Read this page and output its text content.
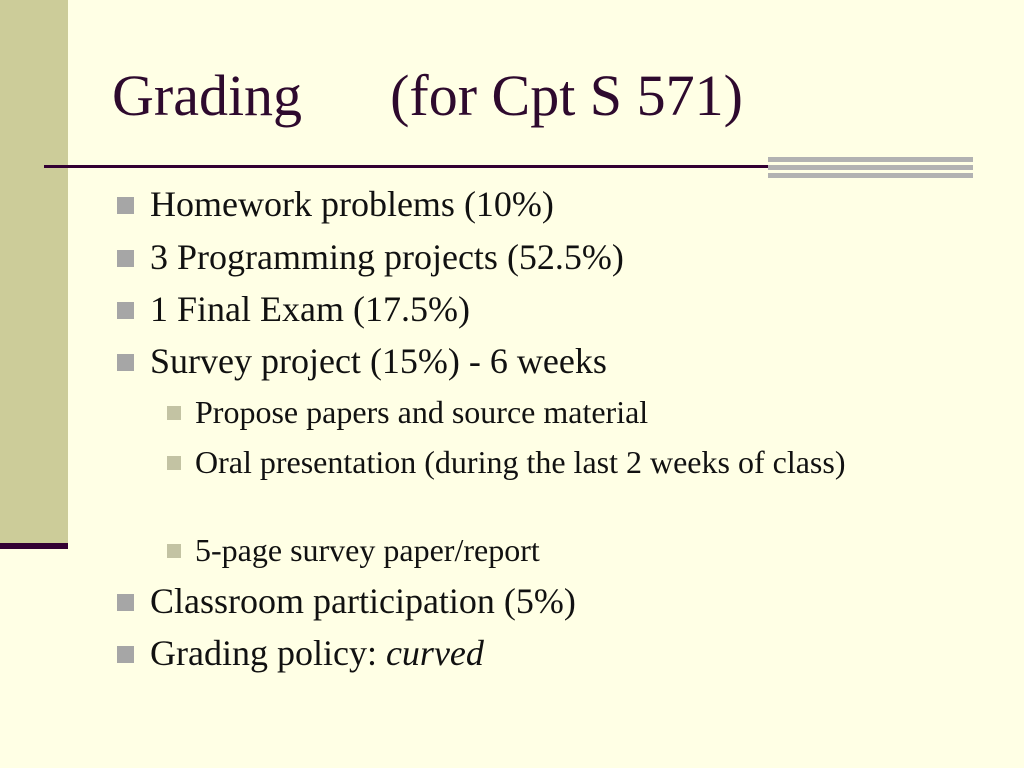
Grading (for Cpt S 571)
Homework problems (10%)
3 Programming projects (52.5%)
1 Final Exam (17.5%)
Survey project (15%) - 6 weeks
Propose papers and source material
Oral presentation (during the last 2 weeks of class)
5-page survey paper/report
Classroom participation (5%)
Grading policy: curved
